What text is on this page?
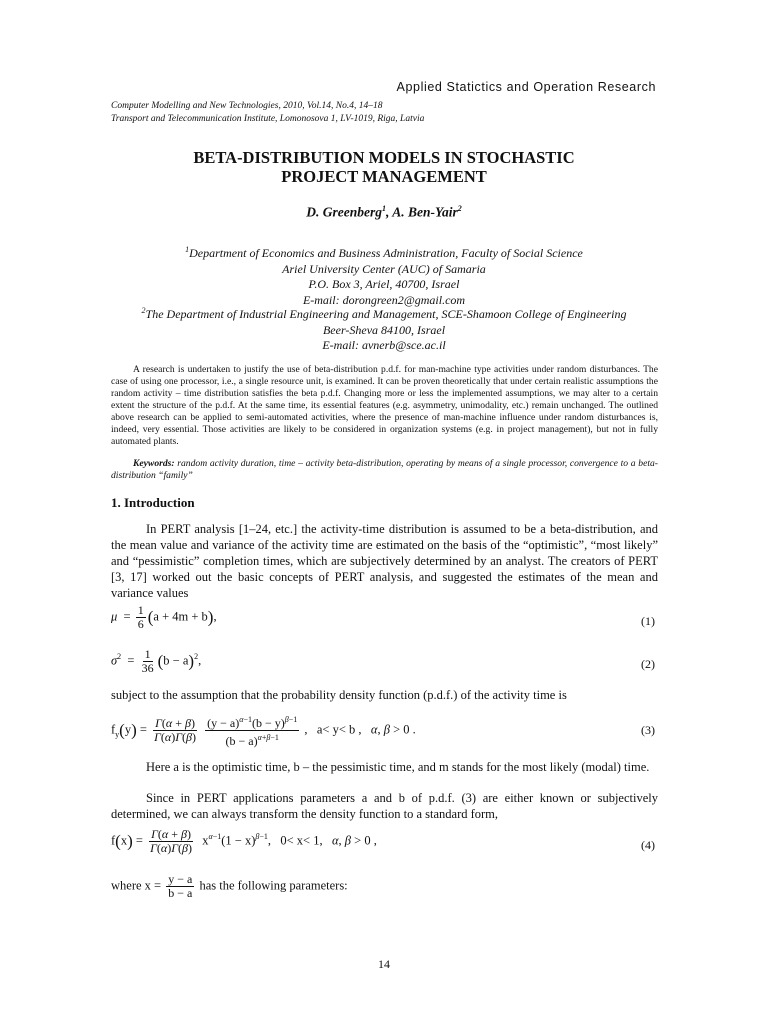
Applied Statictics and Operation Research
Computer Modelling and New Technologies, 2010, Vol.14, No.4, 14–18
Transport and Telecommunication Institute, Lomonosova 1, LV-1019, Riga, Latvia
BETA-DISTRIBUTION MODELS IN STOCHASTIC
PROJECT MANAGEMENT
D. Greenberg$^1$, A. Ben-Yair$^2$
$^1$Department of Economics and Business Administration, Faculty of Social Science
Ariel University Center (AUC) of Samaria
P.O. Box 3, Ariel, 40700, Israel
E-mail: dorongreen2@gmail.com
$^2$The Department of Industrial Engineering and Management, SCE-Shamoon College of Engineering
Beer-Sheva 84100, Israel
E-mail: avnerb@sce.ac.il
A research is undertaken to justify the use of beta-distribution p.d.f. for man-machine type activities under random disturbances. The case of using one processor, i.e., a single resource unit, is examined. It can be proven theoretically that under certain realistic assumptions the random activity – time distribution satisfies the beta p.d.f. Changing more or less the implemented assumptions, we may alter to a certain extent the structure of the p.d.f. At the same time, its essential features (e.g. asymmetry, unimodality, etc.) remain unchanged. The outlined above research can be applied to semi-automated activities, where the presence of man-machine influence under random disturbances is, indeed, very essential. Those activities are likely to be considered in organization systems (e.g. in project management), but not in fully automated plants.
Keywords: random activity duration, time – activity beta-distribution, operating by means of a single processor, convergence to a beta-distribution “family”
1. Introduction
In PERT analysis [1–24, etc.] the activity-time distribution is assumed to be a beta-distribution, and the mean value and variance of the activity time are estimated on the basis of the “optimistic”, “most likely” and “pessimistic” completion times, which are subjectively determined by an analyst. The creators of PERT [3, 17] worked out the basic concepts of PERT analysis, and suggested the estimates of the mean and variance values
$\mu = \frac{1}{6} (a + 4m + b)$,	(1)
$\sigma^2 = \frac{1}{36} (b - a)^2$,	(2)
subject to the assumption that the probability density function (p.d.f.) of the activity time is
$f_y(y) = \frac{\Gamma(\alpha + \beta)}{\Gamma(\alpha)\Gamma(\beta)}$
$\frac{(y - a)^{\alpha-1}(b - y)^{\beta-1}}{(b - a)^{\alpha+\beta-1}}$ ,   a< y< b ,   α, β > 0 .	(3)
Here a is the optimistic time, b – the pessimistic time, and m stands for the most likely (modal) time.
Since in PERT applications parameters a and b of p.d.f. (3) are either known or subjectively determined, we can always transform the density function to a standard form,
$f(x) = \frac{\Gamma(\alpha + \beta)}{\Gamma(\alpha)\Gamma(\beta)} x^{\alpha-1}(1 - x)^{\beta-1}$,   0< x< 1,   α, β > 0 ,	(4)
where $x = \frac{y - a}{b - a}$ has the following parameters:
14
